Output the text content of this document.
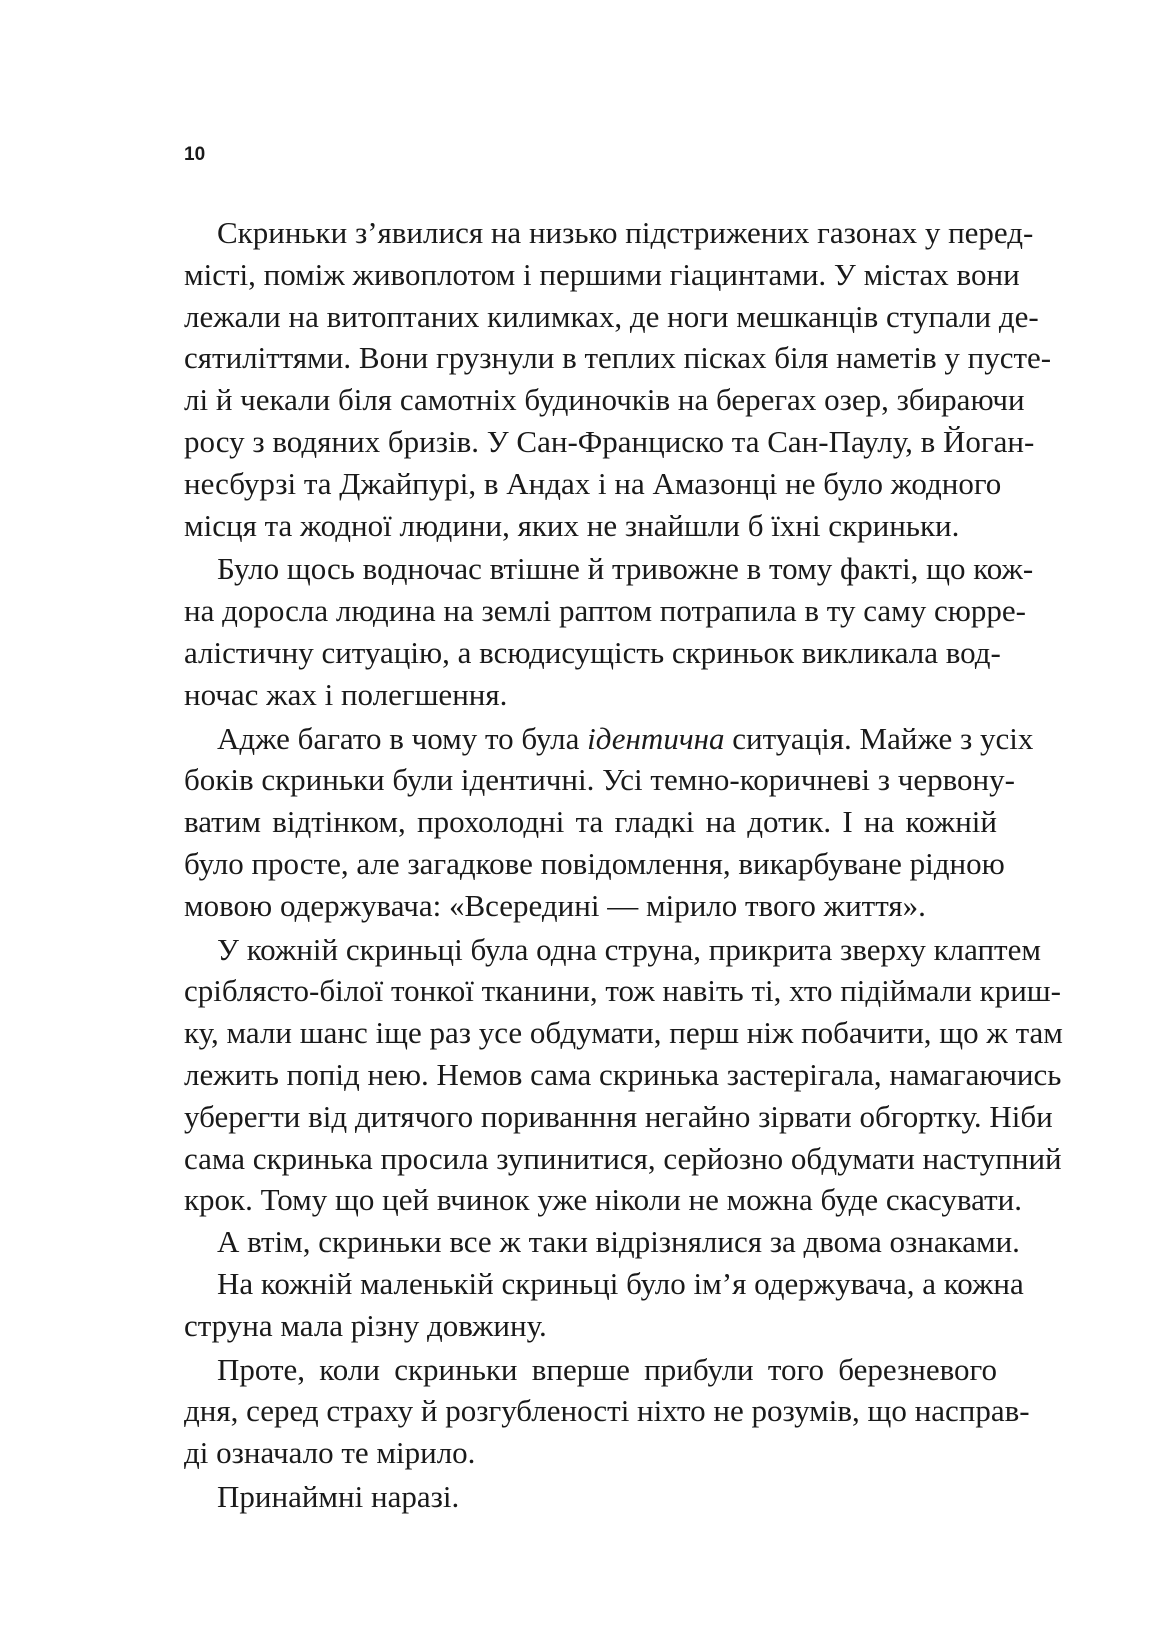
10
Скриньки з’явилися на низько підстрижених газонах у перед-
місті, поміж живоплотом і першими гіацинтами. У містах вони
лежали на витоптаних килимках, де ноги мешканців ступали де-
сятиліттями. Вони грузнули в теплих пісках біля наметів у пусте-
лі й чекали біля самотніх будиночків на берегах озер, збираючи
росу з водяних бризів. У Сан-Франциско та Сан-Паулу, в Йоган-
несбурзі та Джайпурі, в Андах і на Амазонці не було жодного
місця та жодної людини, яких не знайшли б їхні скриньки.
Було щось водночас втішне й тривожне в тому факті, що кож-
на доросла людина на землі раптом потрапила в ту саму сюрре-
алістичну ситуацію, а всюдисущість скриньок викликала вод-
ночас жах і полегшення.
Адже багато в чому то була ідентична ситуація. Майже з усіх
боків скриньки були ідентичні. Усі темно-коричневі з червону-
ватим відтінком, прохолодні та гладкі на дотик. І на кожній
було просте, але загадкове повідомлення, викарбуване рідною
мовою одержувача: «Всередині — мірило твого життя».
У кожній скриньці була одна струна, прикрита зверху клаптем
сріблясто-білої тонкої тканини, тож навіть ті, хто підіймали криш-
ку, мали шанс іще раз усе обдумати, перш ніж побачити, що ж там
лежить попід нею. Немов сама скринька застерігала, намагаючись
уберегти від дитячого пориванння негайно зірвати обгортку. Ніби
сама скринька просила зупинитися, серйозно обдумати наступний
крок. Тому що цей вчинок уже ніколи не можна буде скасувати.
А втім, скриньки все ж таки відрізнялися за двома ознаками.
На кожній маленькій скриньці було ім’я одержувача, а кожна
струна мала різну довжину.
Проте, коли скриньки вперше прибули того березневого
дня, серед страху й розгубленості ніхто не розумів, що насправ-
ді означало те мірило.
Принаймні наразі.
